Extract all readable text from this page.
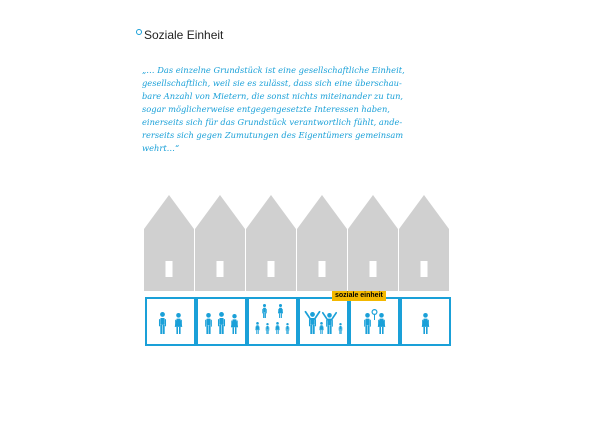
Soziale Einheit
„… Das einzelne Grundstück ist eine gesellschaftliche Einheit,
gesellschaftlich, weil sie es zulässt, dass sich eine überschau-
bare Anzahl von Mietern, die sonst nichts miteinander zu tun,
sogar möglicherweise entgegengesetzte Interessen haben,
einerseits sich für das Grundstück verantwortlich fühlt, ande-
rerseits sich gegen Zumutungen des Eigentümers gemeinsam
wehrt…“
soziale einheit
